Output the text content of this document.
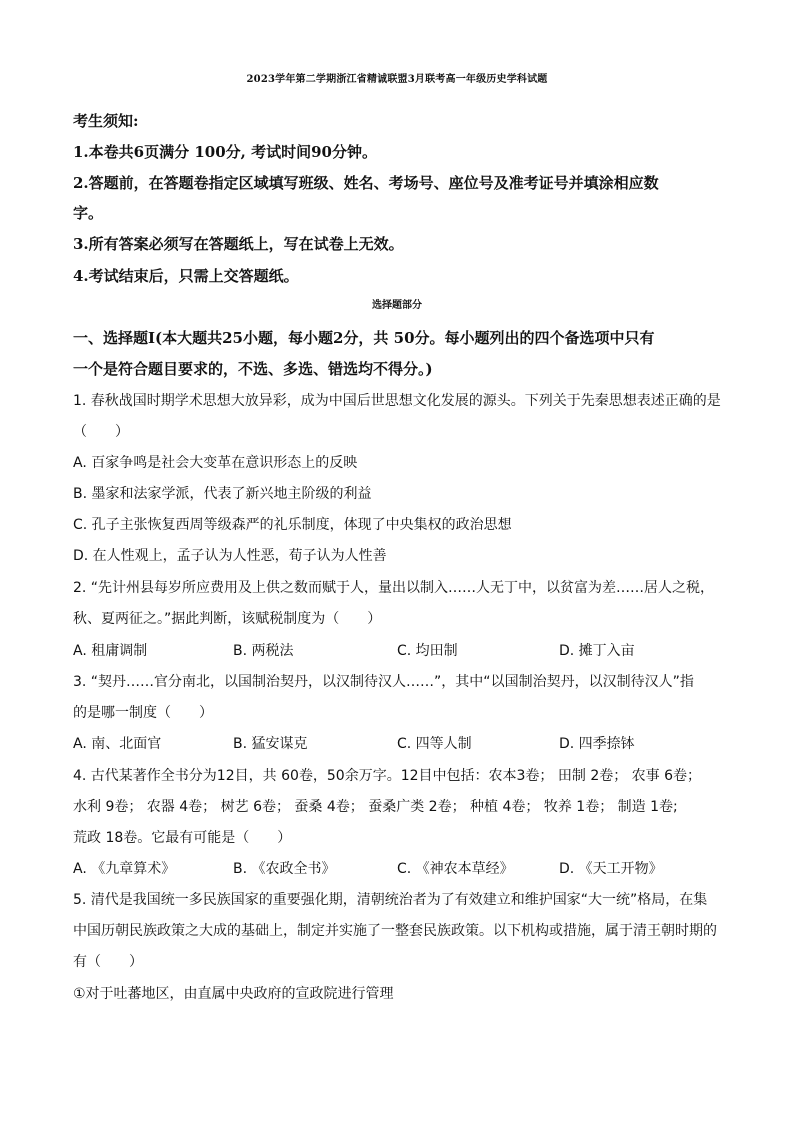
2023学年第二学期浙江省精诚联盟3月联考高一年级历史学科试题
考生须知:
1.本卷共6页满分 100分, 考试时间90分钟。
2.答题前，在答题卷指定区域填写班级、姓名、考场号、座位号及准考证号并填涂相应数
字。
3.所有答案必须写在答题纸上，写在试卷上无效。
4.考试结束后，只需上交答题纸。
选择题部分
一、选择题Ⅰ(本大题共25小题，每小题2分，共 50分。每小题列出的四个备选项中只有
一个是符合题目要求的，不选、多选、错选均不得分。)
1. 春秋战国时期学术思想大放异彩，成为中国后世思想文化发展的源头。下列关于先秦思想表述正确的是
（　　）
A. 百家争鸣是社会大变革在意识形态上的反映
B. 墨家和法家学派，代表了新兴地主阶级的利益
C. 孔子主张恢复西周等级森严的礼乐制度，体现了中央集权的政治思想
D. 在人性观上，孟子认为人性恶，荀子认为人性善
2. “先计州县每岁所应费用及上供之数而赋于人，量出以制入……人无丁中，以贫富为差……居人之税，
秋、夏两征之。”据此判断，该赋税制度为（　　）
A. 租庸调制	B. 两税法	C. 均田制	D. 摊丁入亩
3. “契丹……官分南北，以国制治契丹，以汉制待汉人……”，其中“以国制治契丹，以汉制待汉人”指
的是哪一制度（　　）
A. 南、北面官	B. 猛安谋克	C. 四等人制	D. 四季捺钵
4. 古代某著作全书分为12目，共 60卷，50余万字。12目中包括：农本3卷； 田制 2卷； 农事 6卷；
水利 9卷； 农器 4卷； 树艺 6卷； 蚕桑 4卷； 蚕桑广类 2卷； 种植 4卷； 牧养 1卷； 制造 1卷;
荒政 18卷。它最有可能是（　　）
A. 《九章算术》	B. 《农政全书》	C. 《神农本草经》	D. 《天工开物》
5. 清代是我国统一多民族国家的重要强化期，清朝统治者为了有效建立和维护国家“大一统”格局，在集
中国历朝民族政策之大成的基础上，制定并实施了一整套民族政策。以下机构或措施，属于清王朝时期的
有（　　）
①对于吐蕃地区，由直属中央政府的宣政院进行管理
